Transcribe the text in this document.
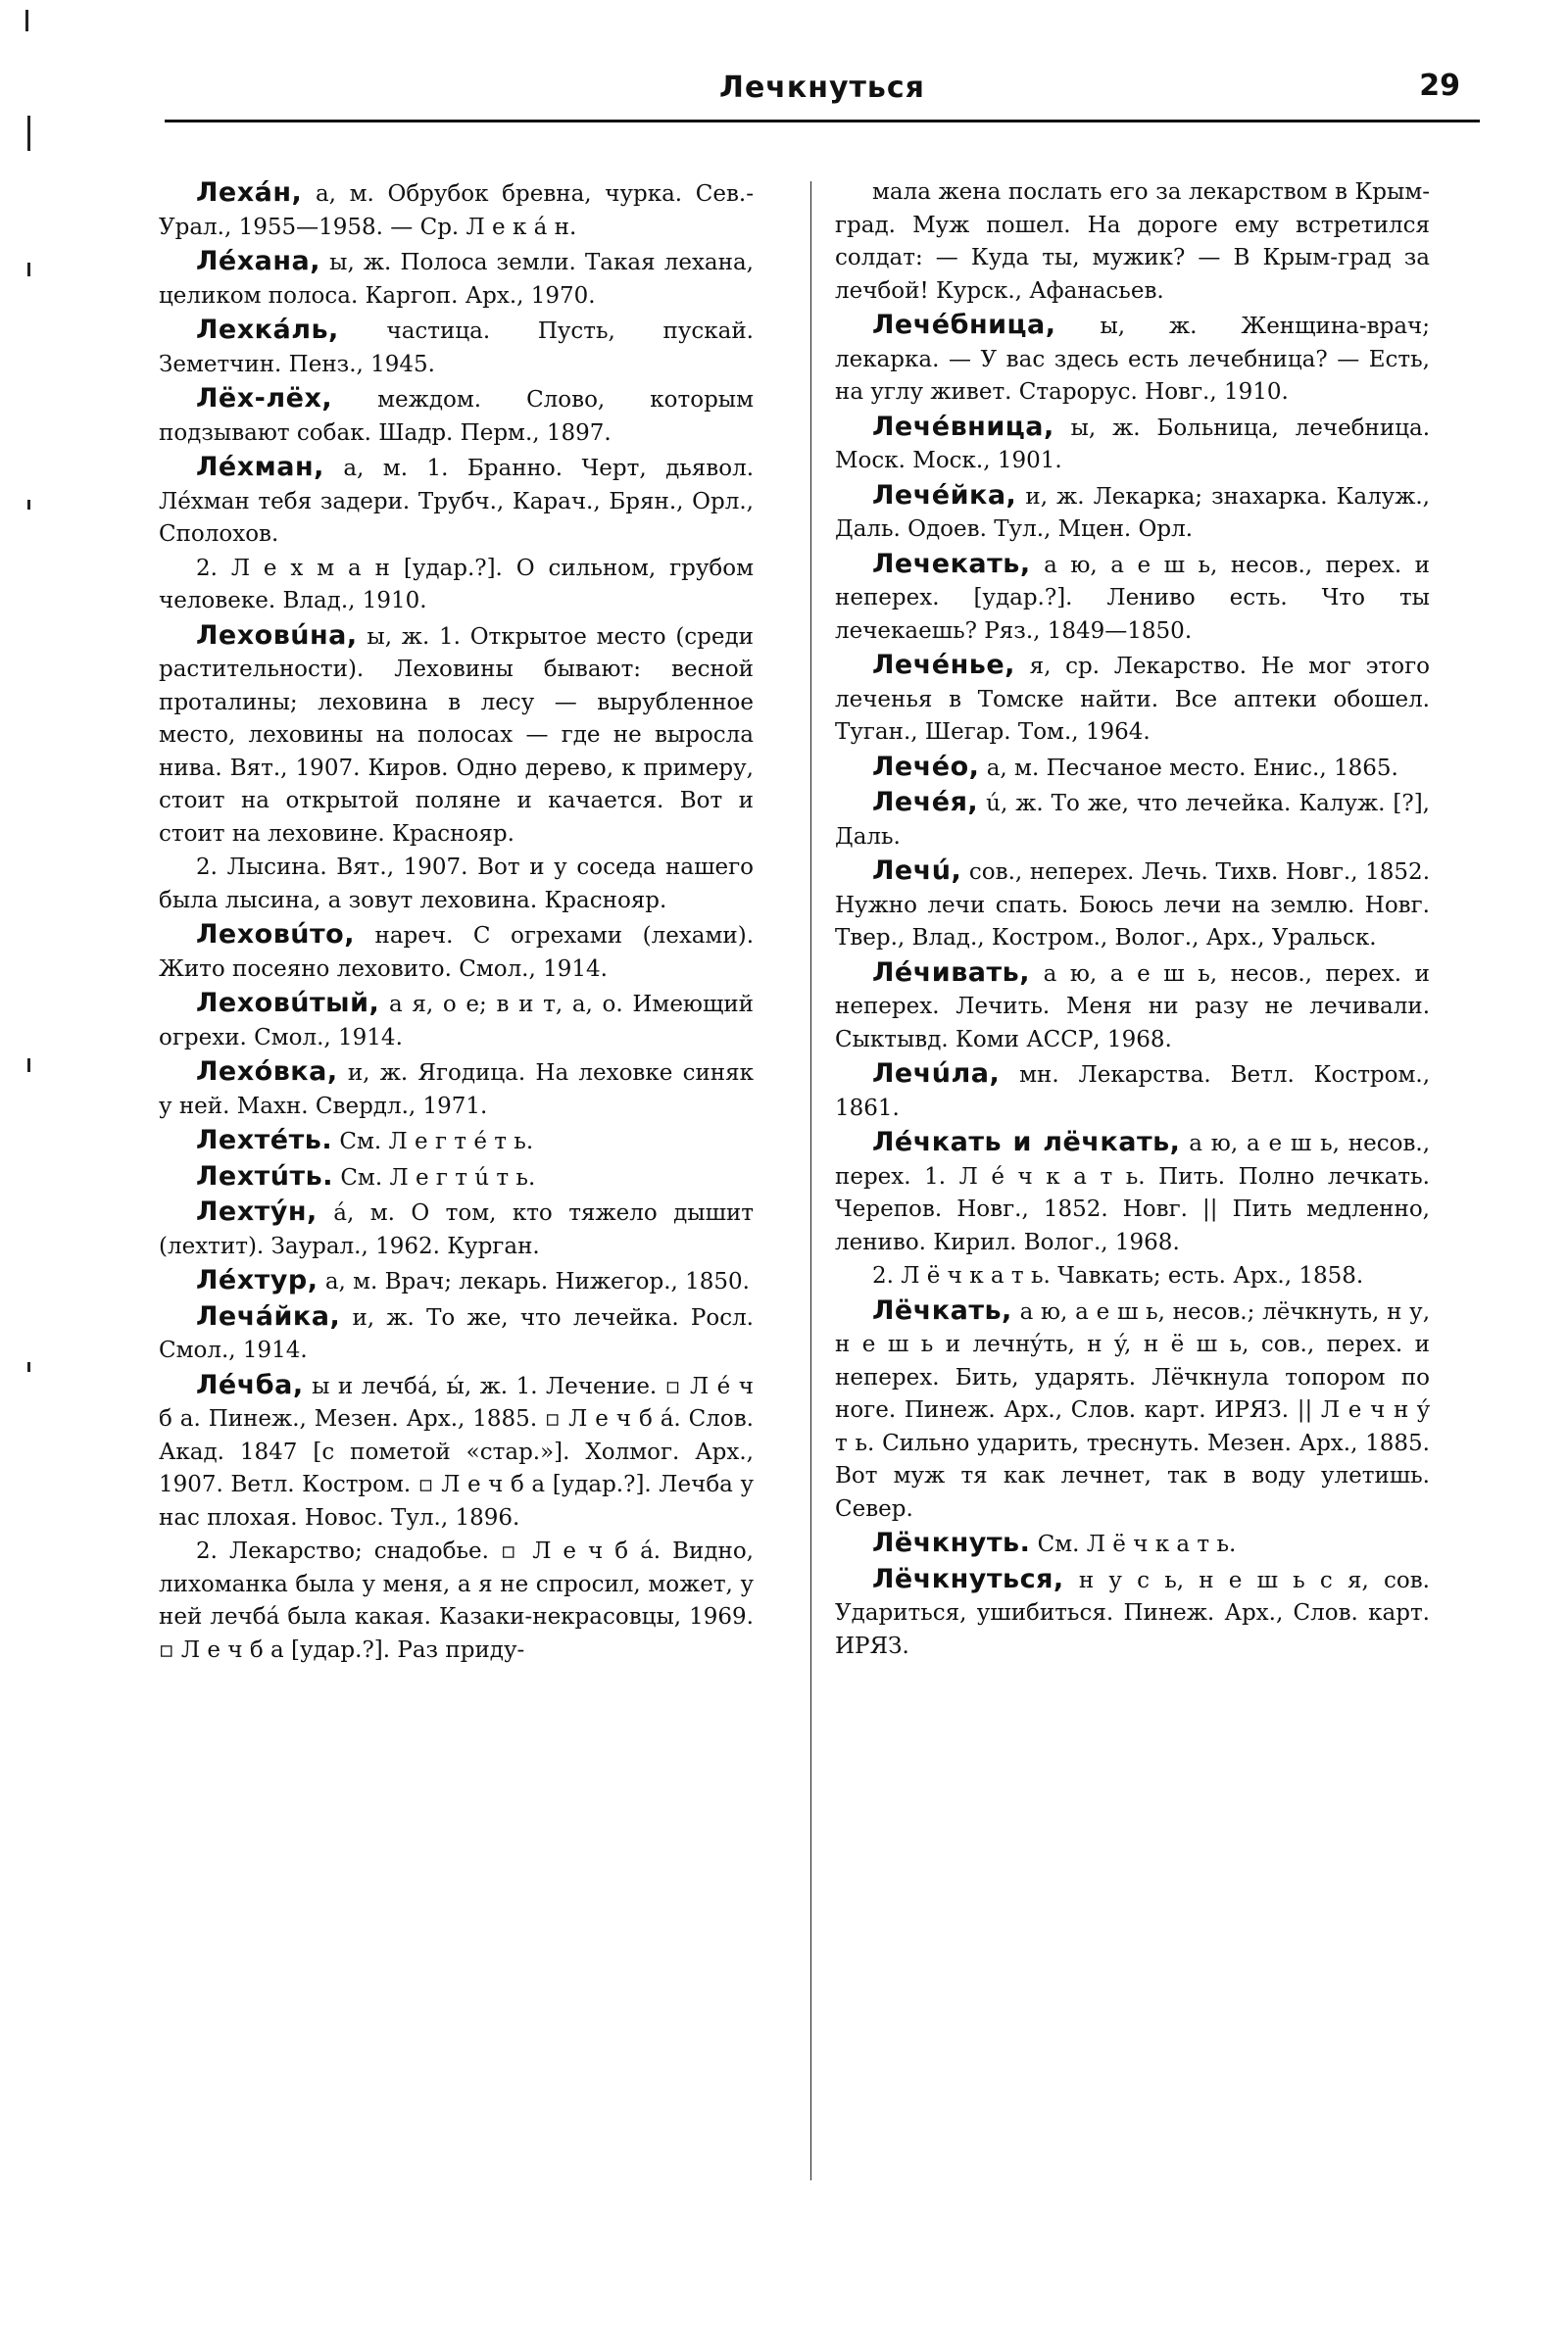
Лечкнуться	29

Лехáн, а, м. Обрубок бревна, чурка. Сев.-Урал., 1955—1958. — Ср. Л е к á н.

Лéхана, ы, ж. Полоса земли. Такая лехана, целиком полоса. Каргоп. Арх., 1970.

Лехкáль, частица. Пусть, пускай. Земетчин. Пенз., 1945.

Лёх-лёх, междом. Слово, которым подзывают собак. Шадр. Перм., 1897.

Лéхман, а, м. 1. Бранно. Черт, дьявол. Лéхман тебя задери. Трубч., Карач., Брян., Орл., Сполохов.

2. Л е х м а н [удар.?]. О сильном, грубом человеке. Влад., 1910.

Леховúна, ы, ж. 1. Открытое место (среди растительности). Леховины бывают: весной проталины; леховина в лесу — вырубленное место, леховины на полосах — где не выросла нива. Вят., 1907. Киров. Одно дерево, к примеру, стоит на открытой поляне и качается. Вот и стоит на леховине. Краснояр.

2. Лысина. Вят., 1907. Вот и у соседа нашего была лысина, а зовут леховина. Краснояр.

Леховúто, нареч. С огрехами (лехами). Жито посеяно леховито. Смол., 1914.

Леховúтый, а я, о е; в и т, а, о. Имеющий огрехи. Смол., 1914.

Лехóвка, и, ж. Ягодица. На леховке синяк у ней. Махн. Свердл., 1971.

Лехтéть. См. Л е г т é т ь.

Лехтúть. См. Л е г т ú т ь.

Лехтýн, á, м. О том, кто тяжело дышит (лехтит). Заурал., 1962. Курган.

Лéхтур, а, м. Врач; лекарь. Нижегор., 1850.

Лечáйка, и, ж. То же, что лечейка. Росл. Смол., 1914.

Лéчба, ы и лечбá, ы́, ж. 1. Лечение. ▫ Л é ч б а. Пинеж., Мезен. Арх., 1885. ▫ Л е ч б á. Слов. Акад. 1847 [с пометой «стар.»]. Холмог. Арх., 1907. Ветл. Костром. ▫ Л е ч б а [удар.?]. Лечба у нас плохая. Новос. Тул., 1896.

2. Лекарство; снадобье. ▫ Л е ч б á. Видно, лихоманка была у меня, а я не спросил, может, у ней лечбá была какая. Казаки-некрасовцы, 1969. ▫ Л е ч б а [удар.?]. Раз приду-

мала жена послать его за лекарством в Крым-град. Муж пошел. На дороге ему встретился солдат: — Куда ты, мужик? — В Крым-град за лечбой! Курск., Афанасьев.

Лечéбница, ы, ж. Женщина-врач; лекарка. — У вас здесь есть лечебница? — Есть, на углу живет. Старорус. Новг., 1910.

Лечéвница, ы, ж. Больница, лечебница. Моск. Моск., 1901.

Лечéйка, и, ж. Лекарка; знахарка. Калуж., Даль. Одоев. Тул., Мцен. Орл.

Лечекать, а ю, а е ш ь, несов., перех. и неперех. [удар.?]. Лениво есть. Что ты лечекаешь? Ряз., 1849—1850.

Лечéнье, я, ср. Лекарство. Не мог этого леченья в Томске найти. Все аптеки обошел. Туган., Шегар. Том., 1964.

Лечéо, а, м. Песчаное место. Енис., 1865.

Лечéя, ú, ж. То же, что лечейка. Калуж. [?], Даль.

Лечú, сов., неперех. Лечь. Тихв. Новг., 1852. Нужно лечи спать. Боюсь лечи на землю. Новг. Твер., Влад., Костром., Волог., Арх., Уральск.

Лéчивать, а ю, а е ш ь, несов., перех. и неперех. Лечить. Меня ни разу не лечивали. Сыктывд. Коми АССР, 1968.

Лечúла, мн. Лекарства. Ветл. Костром., 1861.

Лéчкать и лёчкать, а ю, а е ш ь, несов., перех. 1. Л é ч к а т ь. Пить. Полно лечкать. Черепов. Новг., 1852. Новг. || Пить медленно, лениво. Кирил. Волог., 1968.

2. Л ё ч к а т ь. Чавкать; есть. Арх., 1858.

Лёчкать, а ю, а е ш ь, несов.; лёчкнуть, н у, н е ш ь и лечнýть, н ý, н ё ш ь, сов., перех. и неперех. Бить, ударять. Лёчкнула топором по ноге. Пинеж. Арх., Слов. карт. ИРЯЗ. || Л е ч н ý т ь. Сильно ударить, треснуть. Мезен. Арх., 1885. Вот муж тя как лечнет, так в воду улетишь. Север.

Лёчкнуть. См. Л ё ч к а т ь.

Лёчкнуться, н у с ь, н е ш ь с я, сов. Удариться, ушибиться. Пинеж. Арх., Слов. карт. ИРЯЗ.
